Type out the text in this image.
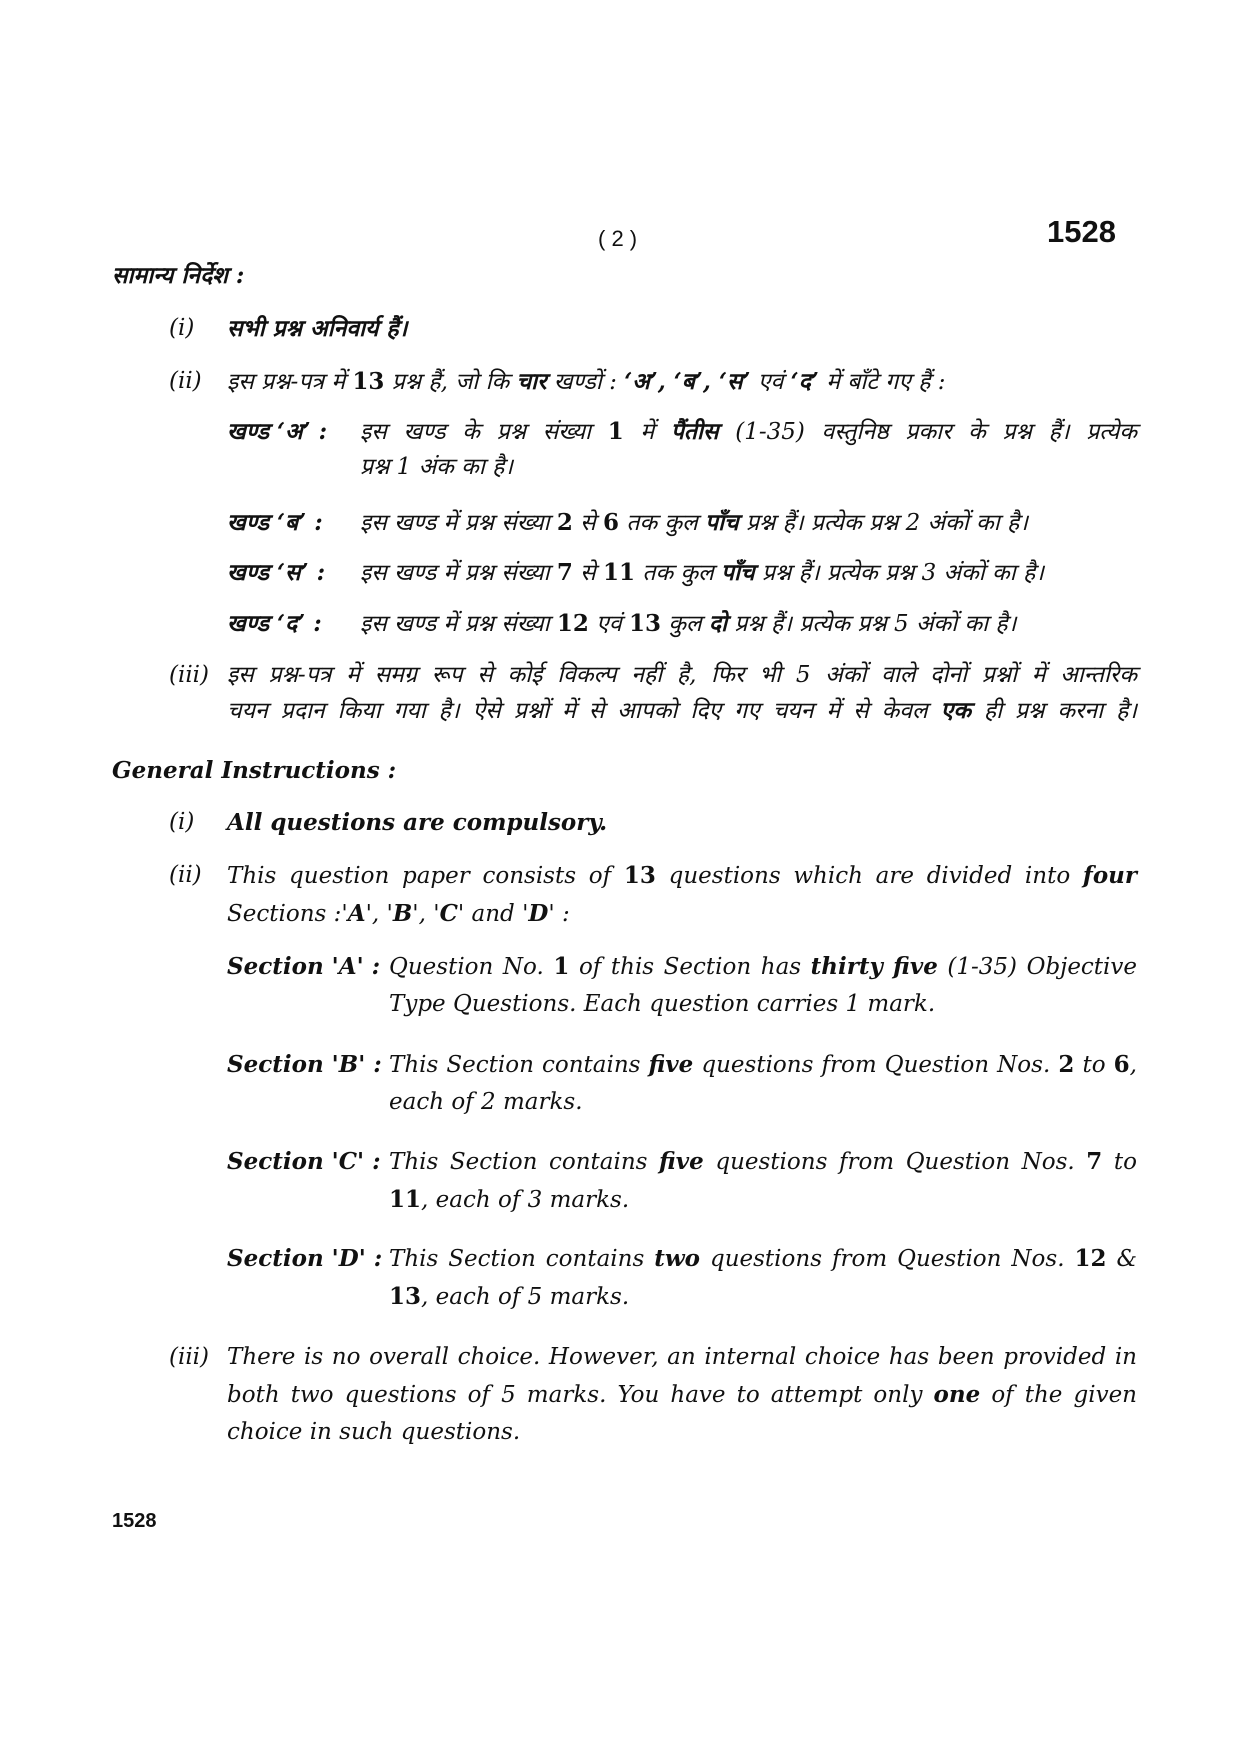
( 2 )	1528
सामान्य निर्देश :
(i) सभी प्रश्न अनिवार्य हैं।
(ii) इस प्रश्न-पत्र में 13 प्रश्न हैं, जो कि चार खण्डों : ‘अ’, ‘ब’, ‘स’ एवं ‘द’ में बाँटे गए हैं :
खण्ड ‘अ’ : इस खण्ड के प्रश्न संख्या 1 में पैंतीस (1-35) वस्तुनिष्ठ प्रकार के प्रश्न हैं। प्रत्येक
प्रश्न 1 अंक का है।
खण्ड ‘ब’ : इस खण्ड में प्रश्न संख्या 2 से 6 तक कुल पाँच प्रश्न हैं। प्रत्येक प्रश्न 2 अंकों का है।
खण्ड ‘स’ : इस खण्ड में प्रश्न संख्या 7 से 11 तक कुल पाँच प्रश्न हैं। प्रत्येक प्रश्न 3 अंकों का है।
खण्ड ‘द’ : इस खण्ड में प्रश्न संख्या 12 एवं 13 कुल दो प्रश्न हैं। प्रत्येक प्रश्न 5 अंकों का है।
(iii) इस प्रश्न-पत्र में समग्र रूप से कोई विकल्प नहीं है, फिर भी 5 अंकों वाले दोनों प्रश्नों में आन्तरिक
चयन प्रदान किया गया है। ऐसे प्रश्नों में से आपको दिए गए चयन में से केवल एक ही प्रश्न करना है।
General Instructions :
(i) All questions are compulsory.
(ii) This question paper consists of 13 questions which are divided into four
Sections :'A', 'B', 'C' and 'D' :
Section 'A' : Question No. 1 of this Section has thirty five (1-35) Objective Type Questions. Each question carries 1 mark.
Section 'B' : This Section contains five questions from Question Nos. 2 to 6, each of 2 marks.
Section 'C' : This Section contains five questions from Question Nos. 7 to 11, each of 3 marks.
Section 'D' : This Section contains two questions from Question Nos. 12 & 13, each of 5 marks.
(iii) There is no overall choice. However, an internal choice has been provided in both two questions of 5 marks. You have to attempt only one of the given choice in such questions.
1528
